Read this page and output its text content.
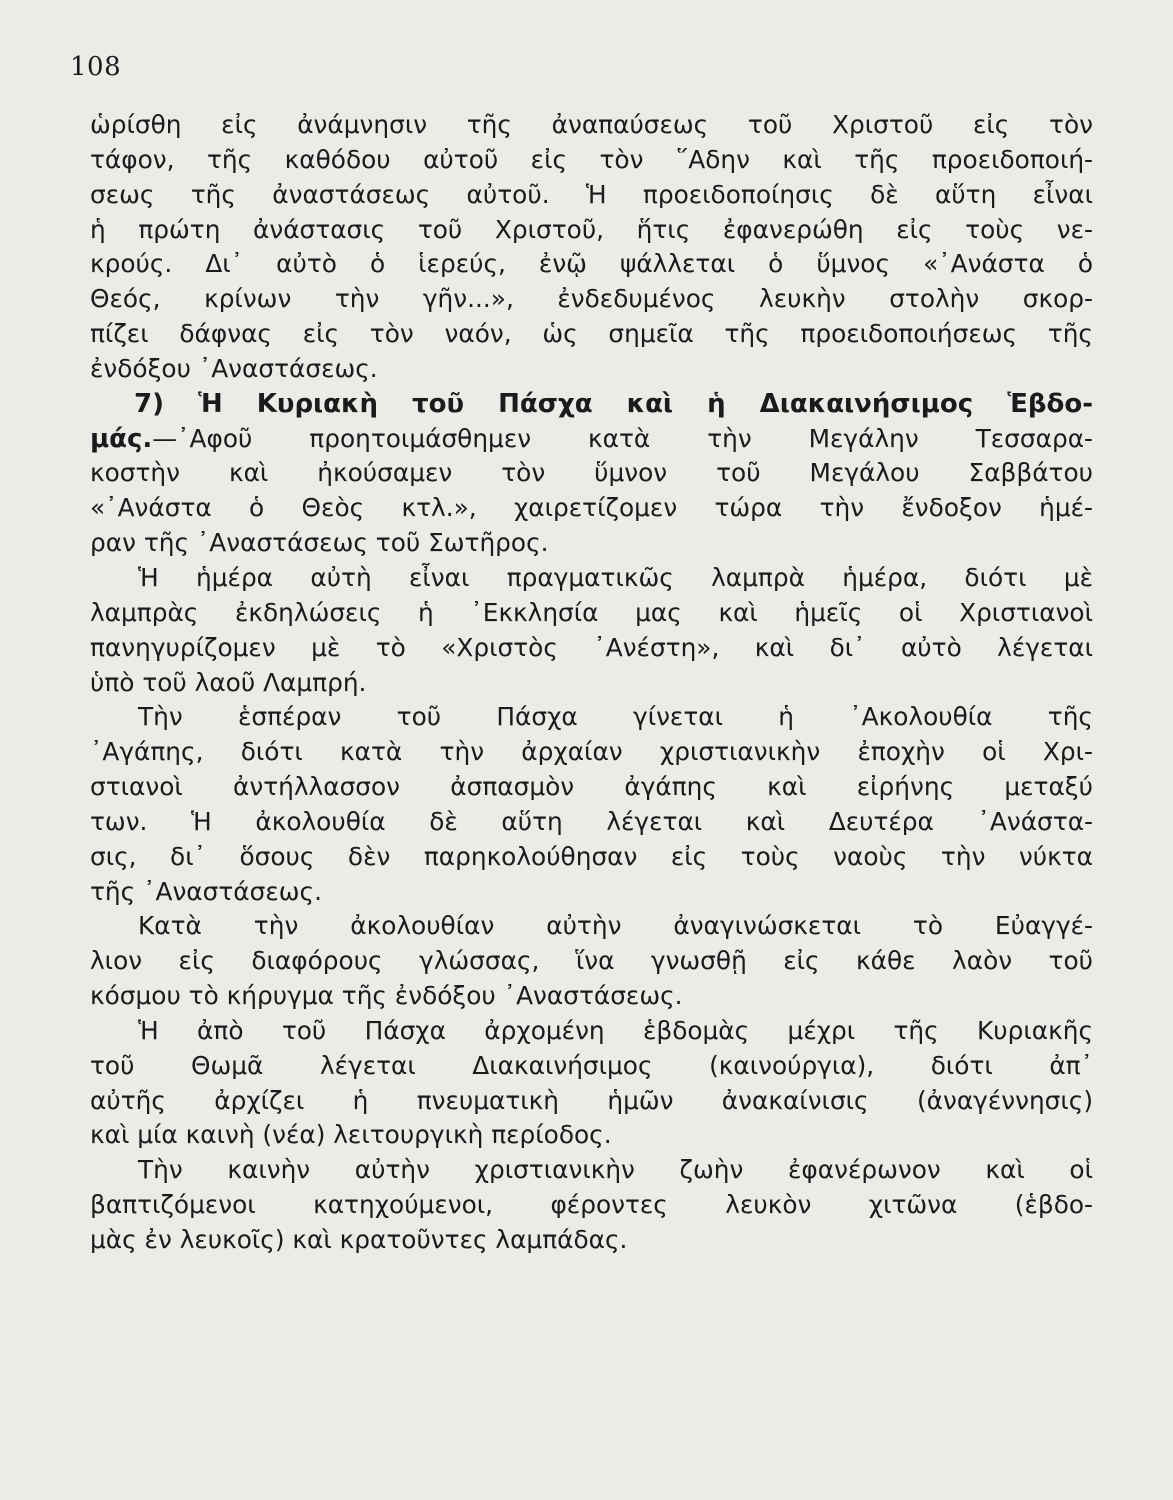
108
ὡρίσθη εἰς ἀνάμνησιν τῆς ἀναπαύσεως τοῦ Χριστοῦ εἰς τὸν
τάφον, τῆς καθόδου αὐτοῦ εἰς τὸν ῞Αδην καὶ τῆς προειδοποιή-
σεως τῆς ἀναστάσεως αὐτοῦ. Ἡ προειδοποίησις δὲ αὕτη εἶναι
ἡ πρώτη ἀνάστασις τοῦ Χριστοῦ, ἥτις ἐφανερώθη εἰς τοὺς νε-
κρούς. Δι᾽ αὐτὸ ὁ ἱερεύς, ἐνῷ ψάλλεται ὁ ὕμνος «᾿Ανάστα ὁ
Θεός, κρίνων τὴν γῆν...», ἐνδεδυμένος λευκὴν στολὴν σκορ-
πίζει δάφνας εἰς τὸν ναόν, ὡς σημεῖα τῆς προειδοποιήσεως τῆς
ἐνδόξου ᾿Αναστάσεως.
7) Ἡ Κυριακὴ τοῦ Πάσχα καὶ ἡ Διακαινήσιμος Ἑβδο-
μάς.—᾿Αφοῦ προητοιμάσθημεν κατὰ τὴν Μεγάλην Τεσσαρα-
κοστὴν καὶ ἠκούσαμεν τὸν ὕμνον τοῦ Μεγάλου Σαββάτου
«᾿Ανάστα ὁ Θεὸς κτλ.», χαιρετίζομεν τώρα τὴν ἔνδοξον ἡμέ-
ραν τῆς ᾿Αναστάσεως τοῦ Σωτῆρος.
Ἡ ἡμέρα αὐτὴ εἶναι πραγματικῶς λαμπρὰ ἡμέρα, διότι μὲ
λαμπρὰς ἐκδηλώσεις ἡ ᾿Εκκλησία μας καὶ ἡμεῖς οἱ Χριστιανοὶ
πανηγυρίζομεν μὲ τὸ «Χριστὸς ᾿Ανέστη», καὶ δι᾽ αὐτὸ λέγεται
ὑπὸ τοῦ λαοῦ Λαμπρή.
Τὴν ἑσπέραν τοῦ Πάσχα γίνεται ἡ ᾿Ακολουθία τῆς
᾿Αγάπης, διότι κατὰ τὴν ἀρχαίαν χριστιανικὴν ἐποχὴν οἱ Χρι-
στιανοὶ ἀντήλλασσον ἀσπασμὸν ἀγάπης καὶ εἰρήνης μεταξύ
των. Ἡ ἀκολουθία δὲ αὕτη λέγεται καὶ Δευτέρα ᾿Ανάστα-
σις, δι᾽ ὅσους δὲν παρηκολούθησαν εἰς τοὺς ναοὺς τὴν νύκτα
τῆς ᾿Αναστάσεως.
Κατὰ τὴν ἀκολουθίαν αὐτὴν ἀναγινώσκεται τὸ Εὐαγγέ-
λιον εἰς διαφόρους γλώσσας, ἵνα γνωσθῇ εἰς κάθε λαὸν τοῦ
κόσμου τὸ κήρυγμα τῆς ἐνδόξου ᾿Αναστάσεως.
Ἡ ἀπὸ τοῦ Πάσχα ἀρχομένη ἑβδομὰς μέχρι τῆς Κυριακῆς
τοῦ Θωμᾶ λέγεται Διακαινήσιμος (καινούργια), διότι ἀπ᾽
αὐτῆς ἀρχίζει ἡ πνευματικὴ ἡμῶν ἀνακαίνισις (ἀναγέννησις)
καὶ μία καινὴ (νέα) λειτουργικὴ περίοδος.
Τὴν καινὴν αὐτὴν χριστιανικὴν ζωὴν ἐφανέρωνον καὶ οἱ
βαπτιζόμενοι κατηχούμενοι, φέροντες λευκὸν χιτῶνα (ἑβδο-
μὰς ἐν λευκοῖς) καὶ κρατοῦντες λαμπάδας.
